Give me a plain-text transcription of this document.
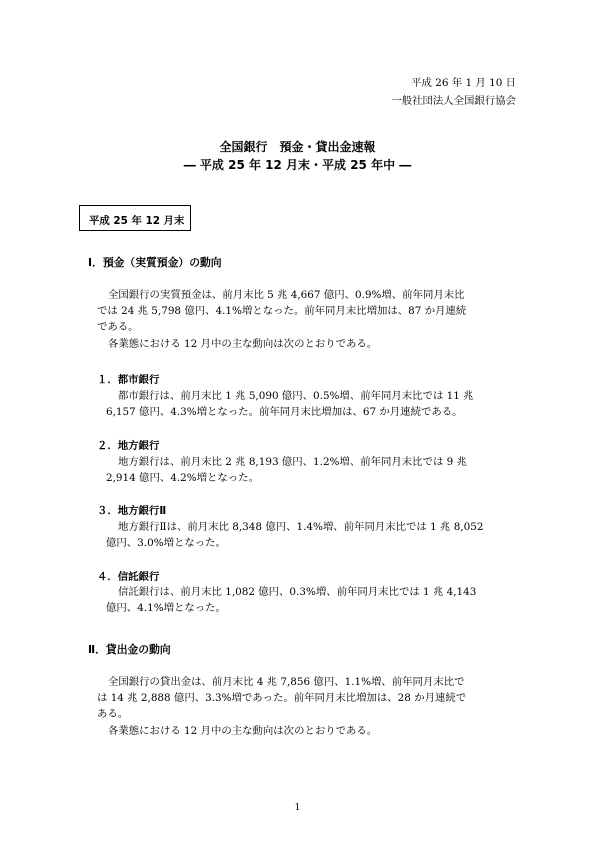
平成 26 年 1 月 10 日
一般社団法人全国銀行協会
全国銀行　預金・貸出金速報
― 平成 25 年 12 月末・平成 25 年中 ―
平成 25 年 12 月末
Ⅰ．預金（実質預金）の動向
全国銀行の実質預金は、前月末比 5 兆 4,667 億円、0.9%増、前年同月末比
では 24 兆 5,798 億円、4.1%増となった。前年同月末比増加は、87 か月連続
である。
各業態における 12 月中の主な動向は次のとおりである。
１．都市銀行
都市銀行は、前月末比 1 兆 5,090 億円、0.5%増、前年同月末比では 11 兆
6,157 億円、4.3%増となった。前年同月末比増加は、67 か月連続である。
２．地方銀行
地方銀行は、前月末比 2 兆 8,193 億円、1.2%増、前年同月末比では 9 兆
2,914 億円、4.2%増となった。
３．地方銀行Ⅱ
地方銀行Ⅱは、前月末比 8,348 億円、1.4%増、前年同月末比では 1 兆 8,052
億円、3.0%増となった。
４．信託銀行
信託銀行は、前月末比 1,082 億円、0.3%増、前年同月末比では 1 兆 4,143
億円、4.1%増となった。
Ⅱ．貸出金の動向
全国銀行の貸出金は、前月末比 4 兆 7,856 億円、1.1%増、前年同月末比で
は 14 兆 2,888 億円、3.3%増であった。前年同月末比増加は、28 か月連続で
ある。
各業態における 12 月中の主な動向は次のとおりである。
1
